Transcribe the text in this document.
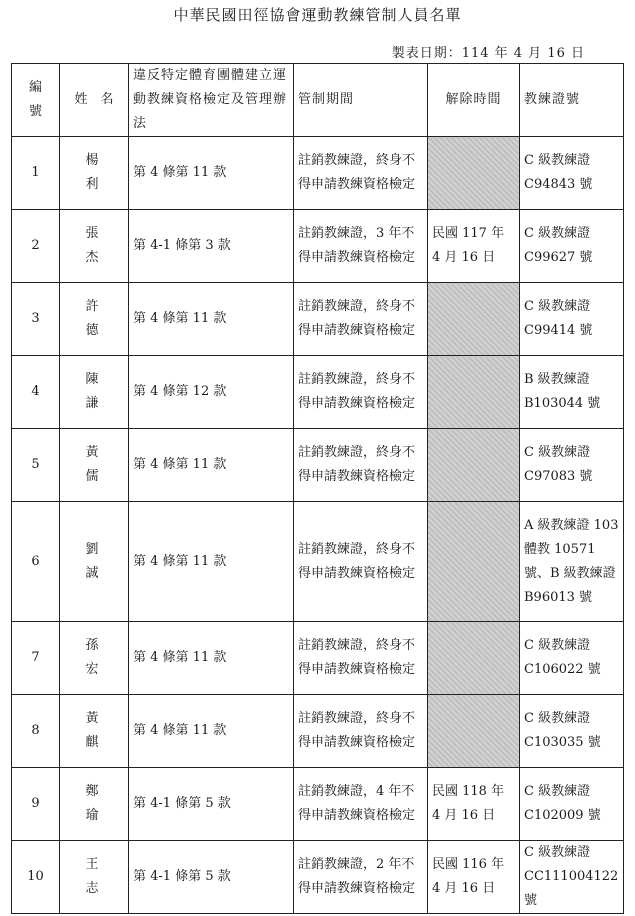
中華民國田徑協會運動教練管制人員名單
製表日期：114 年 4 月 16 日
編號	姓　名	違反特定體育團體建立運動教練資格檢定及管理辦法	管制期間	解除時間	教練證號
1	楊利	第 4 條第 11 款	註銷教練證，終身不得申請教練資格檢定		C 級教練證 C94843 號
2	張杰	第 4-1 條第 3 款	註銷教練證，3 年不得申請教練資格檢定	民國 117 年 4 月 16 日	C 級教練證 C99627 號
3	許德	第 4 條第 11 款	註銷教練證，終身不得申請教練資格檢定		C 級教練證 C99414 號
4	陳謙	第 4 條第 12 款	註銷教練證，終身不得申請教練資格檢定		B 級教練證 B103044 號
5	黃儒	第 4 條第 11 款	註銷教練證，終身不得申請教練資格檢定		C 級教練證 C97083 號
6	劉誠	第 4 條第 11 款	註銷教練證，終身不得申請教練資格檢定		A 級教練證 103 體教 10571 號、B 級教練證 B96013 號
7	孫宏	第 4 條第 11 款	註銷教練證，終身不得申請教練資格檢定		C 級教練證 C106022 號
8	黃麒	第 4 條第 11 款	註銷教練證，終身不得申請教練資格檢定		C 級教練證 C103035 號
9	鄭瑜	第 4-1 條第 5 款	註銷教練證，4 年不得申請教練資格檢定	民國 118 年 4 月 16 日	C 級教練證 C102009 號
10	王志	第 4-1 條第 5 款	註銷教練證，2 年不得申請教練資格檢定	民國 116 年 4 月 16 日	C 級教練證 CC111004122 號
